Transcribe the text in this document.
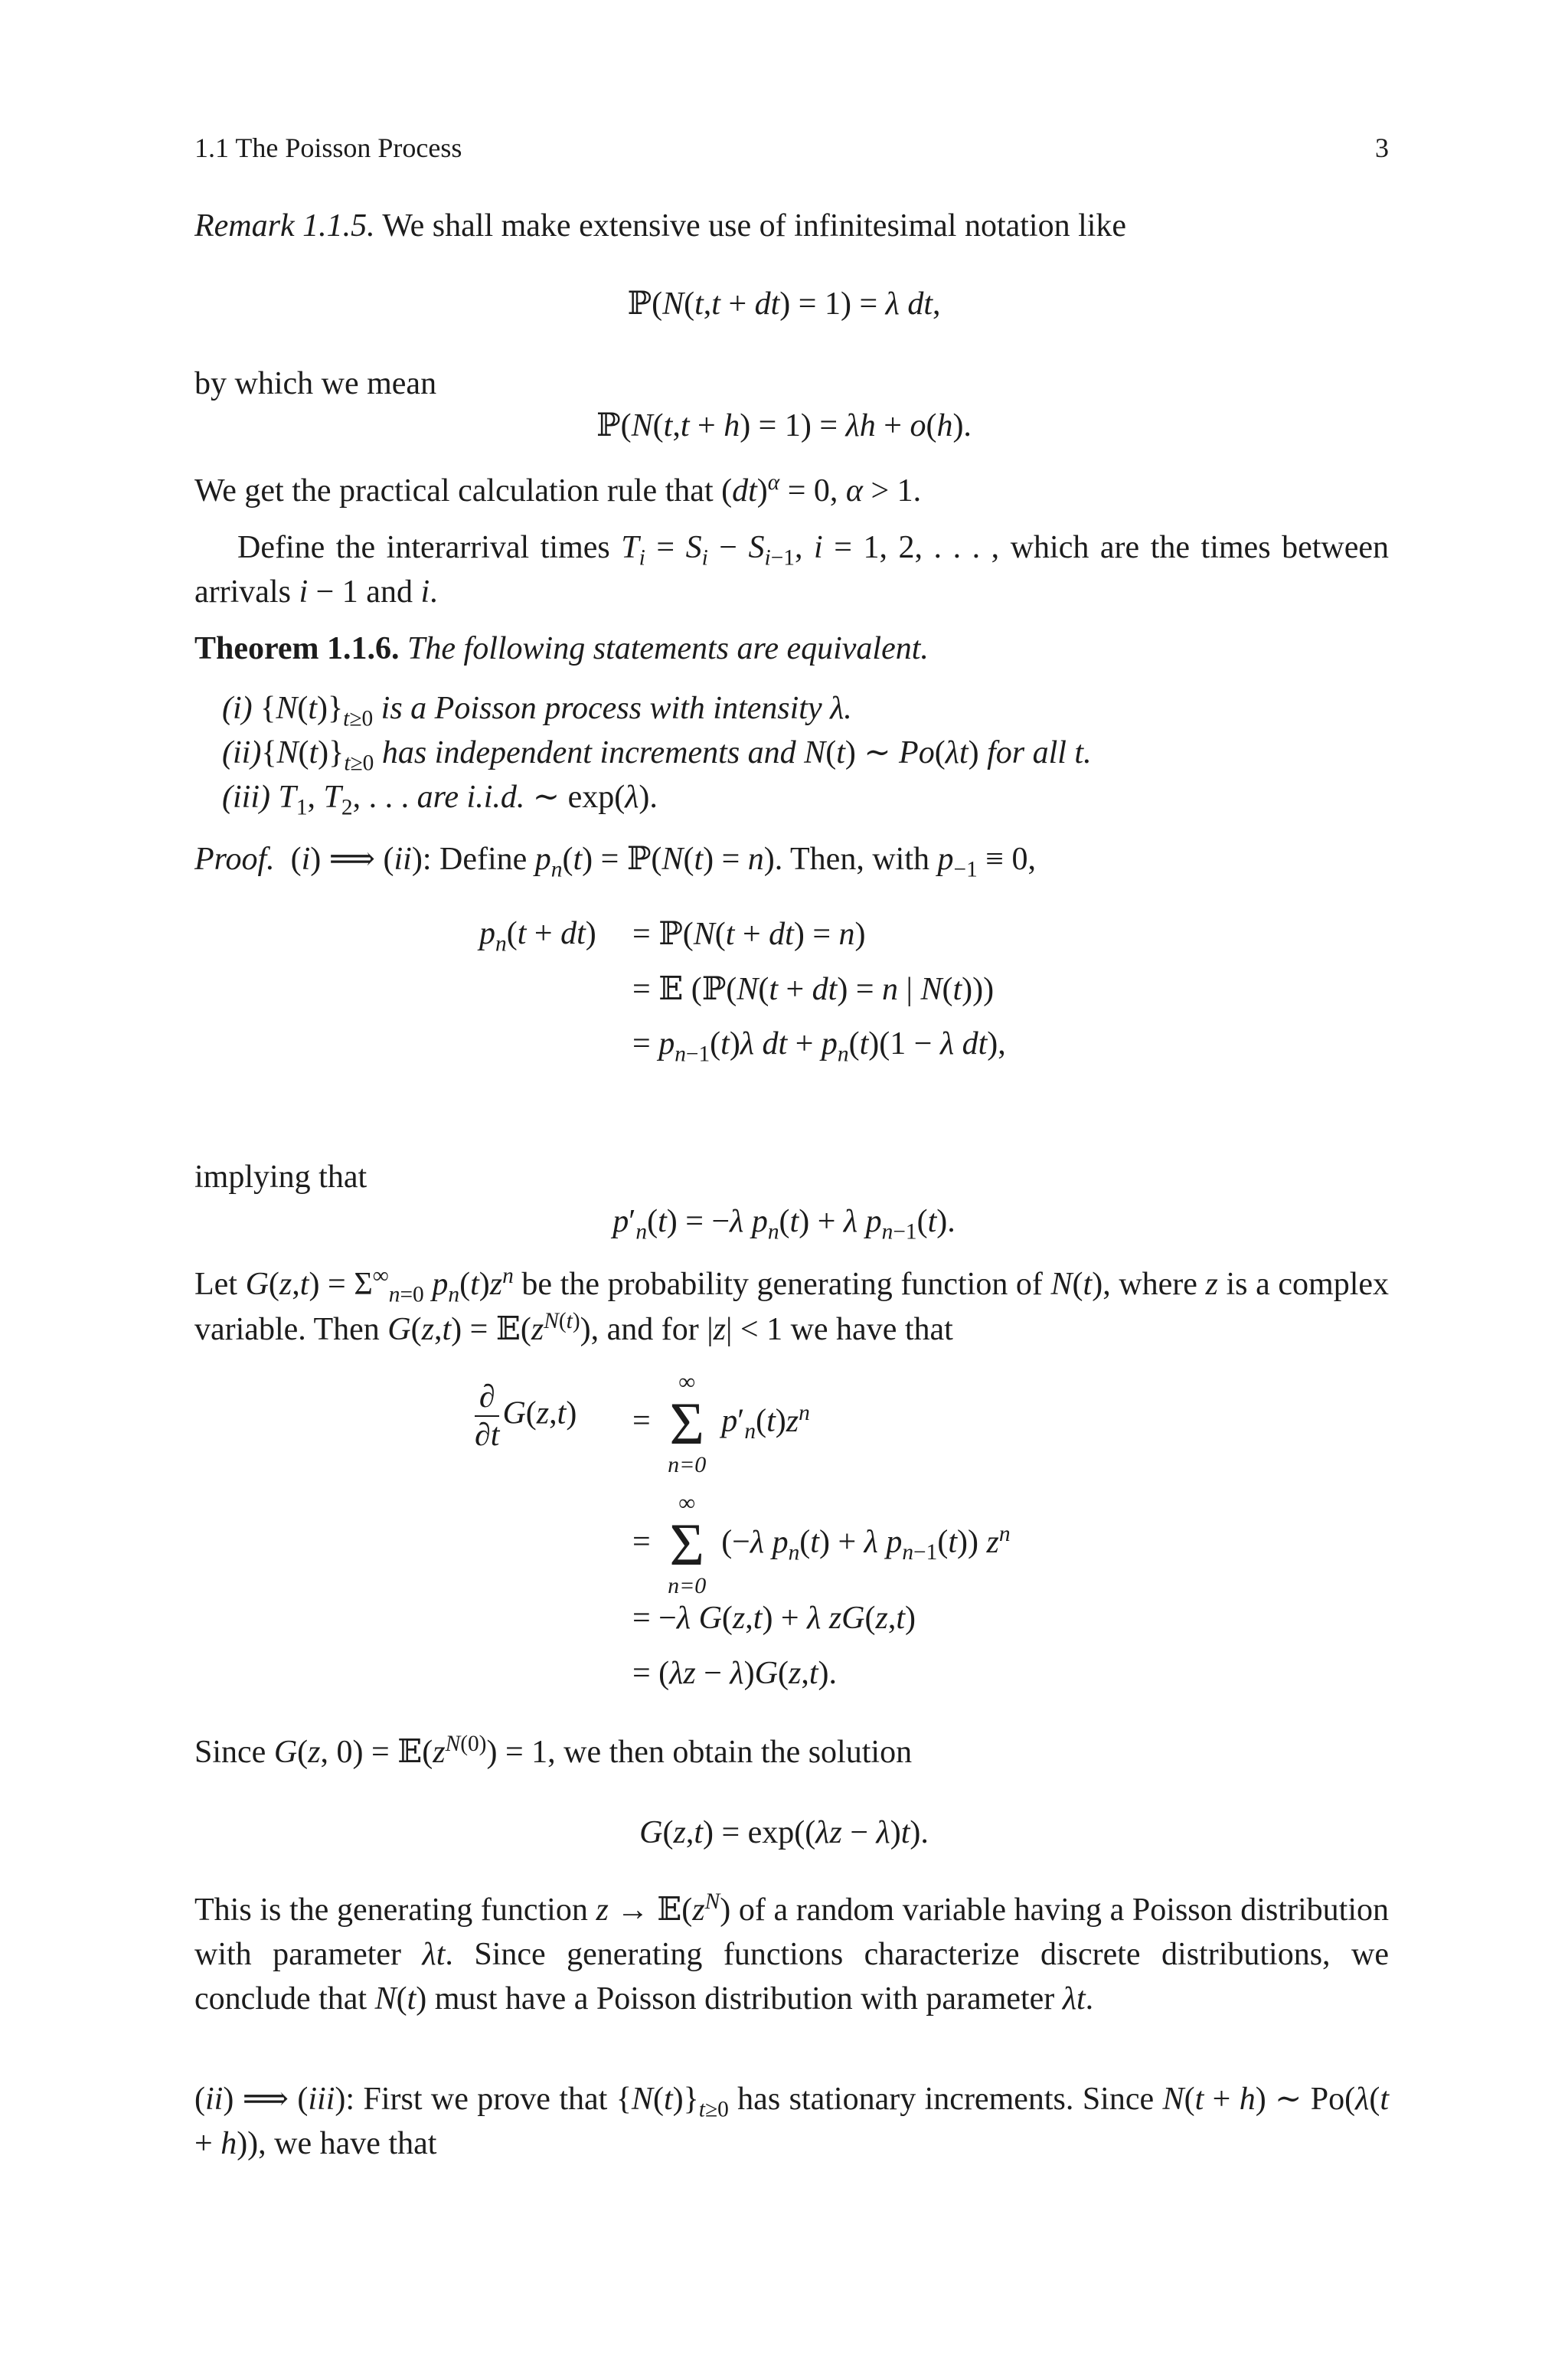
1.1 The Poisson Process	3
Remark 1.1.5. We shall make extensive use of infinitesimal notation like
ℙ(N(t,t + dt) = 1) = λ dt,
by which we mean
ℙ(N(t,t + h) = 1) = λh + o(h).
We get the practical calculation rule that (dt)$^\alpha$ = 0, α > 1.
Define the interarrival times $T_i = S_i - S_{i-1}$, i = 1, 2, . . . , which are the times between arrivals i − 1 and i.
Theorem 1.1.6. The following statements are equivalent.
(i) $\{N(t)\}_{t\ge 0}$ is a Poisson process with intensity λ.
$(ii)\{N(t)\}_{t\ge 0}$ has independent increments and N(t) ∼ Po(λt) for all t.
(iii) $T_1$, $T_2$, . . . are i.i.d. ∼ exp(λ).
Proof.  (i) ⟹ (ii): Define $p_n(t)$ = ℙ(N(t) = n). Then, with $p_{-1} \equiv 0$,
$p_n(t + dt)$ = ℙ(N(t + dt) = n)
= 𝔼 (ℙ(N(t + dt) = n | N(t)))
= $p_{n-1}(t)\lambda$ dt + $p_n(t)(1 - \lambda$ dt),
implying that
$p'_n(t) = -\lambda$ $p_n(t) + \lambda$ $p_{n-1}(t)$.
Let $G(z,t) = \Sigma^\infty_{n=0}$ $p_n(t)z^n$ be the probability generating function of N(t), where z is a complex variable. Then $G(z,t) = 𝔼(z^{N(t)})$, and for |z| < 1 we have that
$\frac{\partial}{\partial t} G(z,t)$ =
∞
Σ
n=0
$p'_n(t)z^n$
=
∞
Σ
n=0
(−λ $p_n(t) + \lambda$ $p_{n-1}(t)$) $z^n$
= −λ G(z,t) + λ zG(z,t)
= (λz − λ)G(z,t).
Since G(z, $0) = 𝔼(z^{N(0)}) = 1$, we then obtain the solution
G(z,t) = exp((λz − λ)t).
This is the generating function $z \to 𝔼(z^N)$ of a random variable having a Poisson distribution with parameter λt. Since generating functions characterize discrete distributions, we conclude that N(t) must have a Poisson distribution with parameter λt.
(ii) ⟹ (iii): First we prove that $\{N(t)\}_{t\ge 0}$ has stationary increments. Since N(t + h) ∼ Po(λ(t + h)), we have that
